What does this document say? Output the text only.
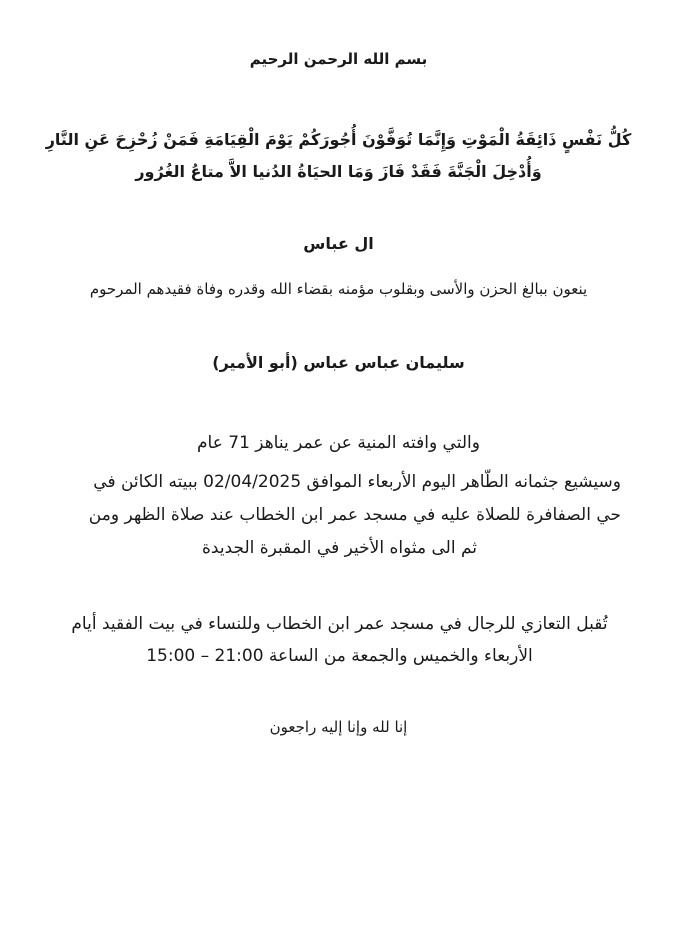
بسم الله الرحمن الرحيم
كُلُّ نَفْسٍ ذَائِقَةُ الْمَوْتِ وَإِنَّمَا تُوَفَّوْنَ أُجُورَكُمْ يَوْمَ الْقِيَامَةِ فَمَنْ زُحْزِحَ عَنِ النَّارِ
وَأُدْخِلَ الْجَنَّةَ فَقَدْ فَازَ وَمَا الحيَاةُ الدُنيا الاَّ متاعُ الغُرُور
ال عباس
ينعون ببالغ الحزن والأسى وبقلوب مؤمنه بقضاء الله وقدره وفاة فقيدهم المرحوم
سليمان عباس عباس (أبو الأمير)
والتي وافته المنية عن عمر يناهز 71 عام
وسيشيع جثمانه الطّاهر اليوم الأربعاء الموافق 02/04/2025 ببيته الكائن في
حي الصفافرة للصلاة عليه في مسجد عمر ابن الخطاب عند صلاة الظهر ومن
ثم الى مثواه الأخير في المقبرة الجديدة
تُقبل التعازي للرجال في مسجد عمر ابن الخطاب وللنساء في بيت الفقيد أيام
الأربعاء والخميس والجمعة من الساعة 21:00 – 15:00
إنا لله وإنا إليه راجعون
